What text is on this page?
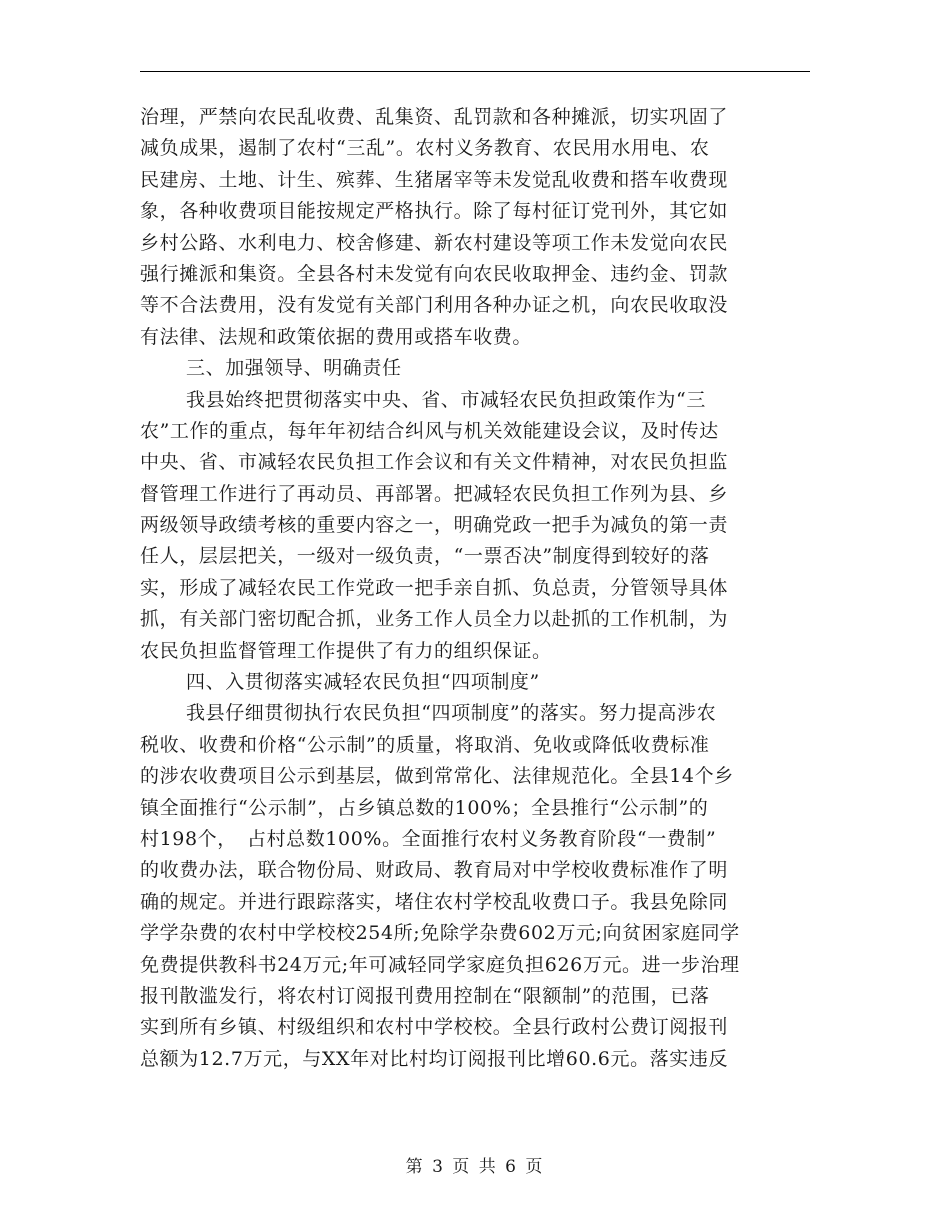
治理，严禁向农民乱收费、乱集资、乱罚款和各种摊派，切实巩固了
减负成果，遏制了农村“三乱”。农村义务教育、农民用水用电、农
民建房、土地、计生、殡葬、生猪屠宰等未发觉乱收费和搭车收费现
象，各种收费项目能按规定严格执行。除了每村征订党刊外，其它如
乡村公路、水利电力、校舍修建、新农村建设等项工作未发觉向农民
强行摊派和集资。全县各村未发觉有向农民收取押金、违约金、罚款
等不合法费用，没有发觉有关部门利用各种办证之机，向农民收取没
有法律、法规和政策依据的费用或搭车收费。
三、加强领导、明确责任
我县始终把贯彻落实中央、省、市减轻农民负担政策作为“三
农”工作的重点，每年年初结合纠风与机关效能建设会议，及时传达
中央、省、市减轻农民负担工作会议和有关文件精神，对农民负担监
督管理工作进行了再动员、再部署。把减轻农民负担工作列为县、乡
两级领导政绩考核的重要内容之一，明确党政一把手为减负的第一责
任人，层层把关，一级对一级负责，“一票否决”制度得到较好的落
实，形成了减轻农民工作党政一把手亲自抓、负总责，分管领导具体
抓，有关部门密切配合抓，业务工作人员全力以赴抓的工作机制，为
农民负担监督管理工作提供了有力的组织保证。
四、入贯彻落实减轻农民负担“四项制度”
我县仔细贯彻执行农民负担“四项制度”的落实。努力提高涉农
税收、收费和价格“公示制”的质量，将取消、免收或降低收费标准
的涉农收费项目公示到基层，做到常常化、法律规范化。全县14个乡
镇全面推行“公示制”，占乡镇总数的100%；全县推行“公示制”的
村198个，　占村总数100%。全面推行农村义务教育阶段“一费制”
的收费办法，联合物份局、财政局、教育局对中学校收费标准作了明
确的规定。并进行跟踪落实，堵住农村学校乱收费口子。我县免除同
学学杂费的农村中学校校254所;免除学杂费602万元;向贫困家庭同学
免费提供教科书24万元;年可减轻同学家庭负担626万元。进一步治理
报刊散滥发行，将农村订阅报刊费用控制在“限额制”的范围，已落
实到所有乡镇、村级组织和农村中学校校。全县行政村公费订阅报刊
总额为12.7万元，与XX年对比村均订阅报刊比增60.6元。落实违反
第 3 页 共 6 页
